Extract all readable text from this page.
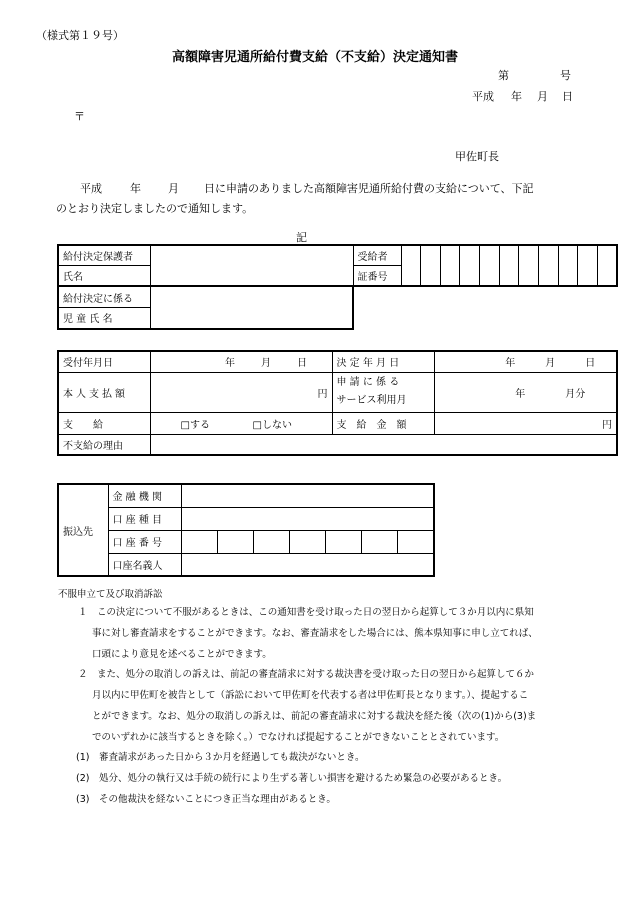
（様式第１９号）
高額障害児通所給付費支給（不支給）決定通知書
第	号
平成 年 月 日
〒
甲佐町長
平成	年 月 日に申請のありました高額障害児通所給付費の支給について、下記
のとおり決定しましたので通知します。
記
給付決定保護者		受給者										
氏名		証番号										
給付決定に係る	
児 童 氏 名
受付年月日	年 月 日	決 定 年 月 日	年 月 日
本人支払額	円	申 請 に 係 る
サービス利用月	年 月分
支　　給	□する □しない	支　給　金　額	円
不支給の理由			
振込先	金 融 機 関							
	口 座 種 目							
	口 座 番 号							
	口座名義人							
不服申立て及び取消訴訟
１　この決定について不服があるときは、この通知書を受け取った日の翌日から起算して３か月以内に県知
事に対し審査請求をすることができます。なお、審査請求をした場合には、熊本県知事に申し立てれば、
口頭により意見を述べることができます。
２　また、処分の取消しの訴えは、前記の審査請求に対する裁決書を受け取った日の翌日から起算して６か
月以内に甲佐町を被告として（訴訟において甲佐町を代表する者は甲佐町長となります。）、提起するこ
とができます。なお、処分の取消しの訴えは、前記の審査請求に対する裁決を経た後（次の(1)から(3)ま
でのいずれかに該当するときを除く。）でなければ提起することができないこととされています。
(1)　審査請求があった日から３か月を経過しても裁決がないとき。
(2)　処分、処分の執行又は手続の続行により生ずる著しい損害を避けるため緊急の必要があるとき。
(3)　その他裁決を経ないことにつき正当な理由があるとき。
